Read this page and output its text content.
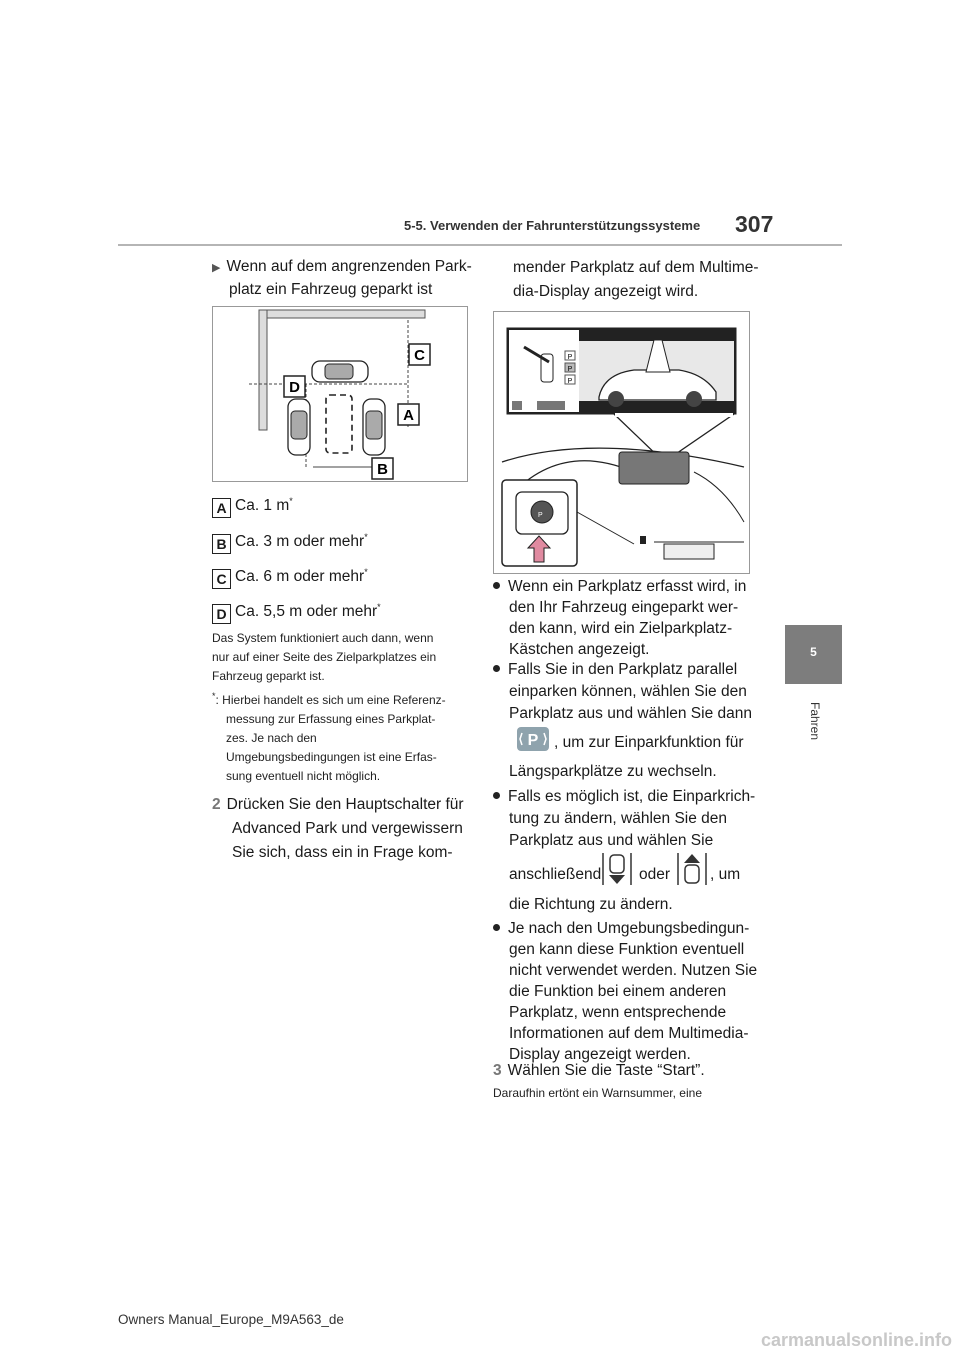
5-5. Verwenden der Fahrunterstützungssysteme 307
5
Fahren
▶ Wenn auf dem angrenzenden Park-
platz ein Fahrzeug geparkt ist
C
D
A
B
A Ca. 1 m*
B Ca. 3 m oder mehr*
C Ca. 6 m oder mehr*
D Ca. 5,5 m oder mehr*
Das System funktioniert auch dann, wenn
nur auf einer Seite des Zielparkplatzes ein
Fahrzeug geparkt ist.
*: Hierbei handelt es sich um eine Referenz-
messung zur Erfassung eines Parkplat-
zes. Je nach den
Umgebungsbedingungen ist eine Erfas-
sung eventuell nicht möglich.
2 Drücken Sie den Hauptschalter für
Advanced Park und vergewissern
Sie sich, dass ein in Frage kom-
mender Parkplatz auf dem Multime-
dia-Display angezeigt wird.
P
P
P
P
Wenn ein Parkplatz erfasst wird, in
den Ihr Fahrzeug eingeparkt wer-
den kann, wird ein Zielparkplatz-
Kästchen angezeigt.
Falls Sie in den Parkplatz parallel
einparken können, wählen Sie den
Parkplatz aus und wählen Sie dann
P , um zur Einparkfunktion für
Längsparkplätze zu wechseln.
Falls es möglich ist, die Einparkrich-
tung zu ändern, wählen Sie den
Parkplatz aus und wählen Sie
anschließend oder	, um
die Richtung zu ändern.
Je nach den Umgebungsbedingun-
gen kann diese Funktion eventuell
nicht verwendet werden. Nutzen Sie
die Funktion bei einem anderen
Parkplatz, wenn entsprechende
Informationen auf dem Multimedia-
Display angezeigt werden.
3 Wählen Sie die Taste “Start”.
Daraufhin ertönt ein Warnsummer, eine
Owners Manual_Europe_M9A563_de
carmanualsonline.info
